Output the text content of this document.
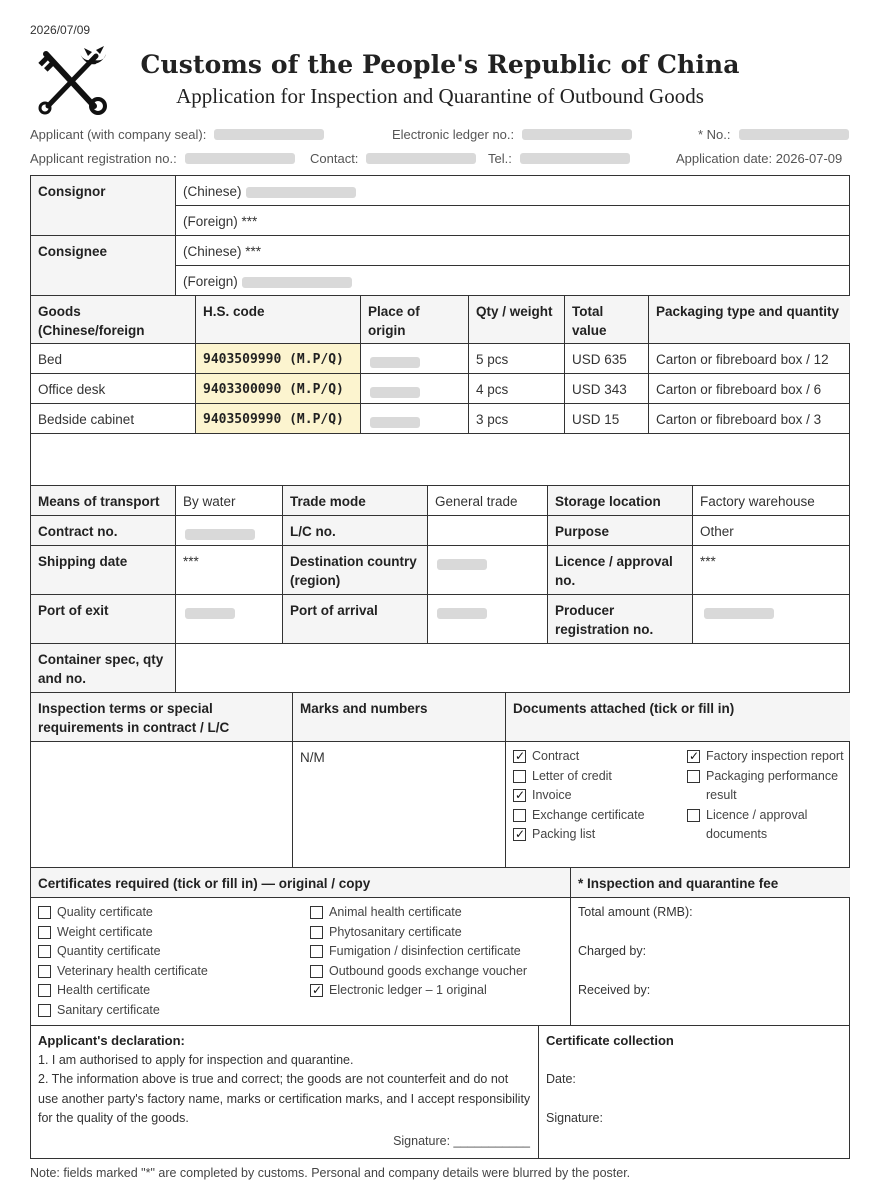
2026/07/09
Customs of the People's Republic of China
Application for Inspection and Quarantine of Outbound Goods
Applicant (with company seal):	Electronic ledger no.:	* No.:
Applicant registration no.:	Contact:	Tel.:	Application date:
2026-07-09
Consignor	(Chinese)
(Foreign) ***
Consignee	(Chinese) ***
(Foreign)
Goods (Chinese/foreign
H.S. code	Place of origin
Qty / weight	Total value
Packaging type and quantity
Bed	9403509990 (M.P/Q)	5 pcs	USD 635	Carton or fibreboard box / 12
Office desk	9403300090 (M.P/Q)	4 pcs	USD 343	Carton or fibreboard box / 6
Bedside cabinet	9403509990 (M.P/Q)	3 pcs	USD 15	Carton or fibreboard box / 3
Means of transport	By water	Trade mode	General trade	Storage location	Factory warehouse
Contract no.	L/C no.	Purpose	Other
Shipping date	***	Destination country (region)
Licence / approval no.
***
Port of exit	Port of arrival	Producer registration no.
Container spec, qty and no.
Inspection terms or special requirements in contract / L/C
Marks and numbers	Documents attached (tick or fill in)
N/M
✓	Contract
Letter of credit
✓
Invoice
Exchange certificate
✓
Packing list
✓
Factory inspection report
Packaging performance result
Licence / approval documents
Certificates required (tick or fill in) — original / copy	* Inspection and quarantine fee
Quality certificate
Weight certificate
Quantity certificate
Veterinary health certificate
Health certificate
Sanitary certificate
Animal health certificate
Phytosanitary certificate
Fumigation / disinfection certificate
Outbound goods exchange voucher
✓
Electronic ledger – 1 original
Total amount (RMB):
Charged by:
Received by:
Applicant's declaration:
1. I am authorised to apply for inspection and quarantine.
2. The information above is true and correct; the goods are not counterfeit and do not use another party's factory name, marks or certification marks, and I accept responsibility for the quality of the goods.
Signature: ___________
Certificate collection
Date:
Signature:
Note: fields marked "*" are completed by customs. Personal and company details were blurred by the poster.
